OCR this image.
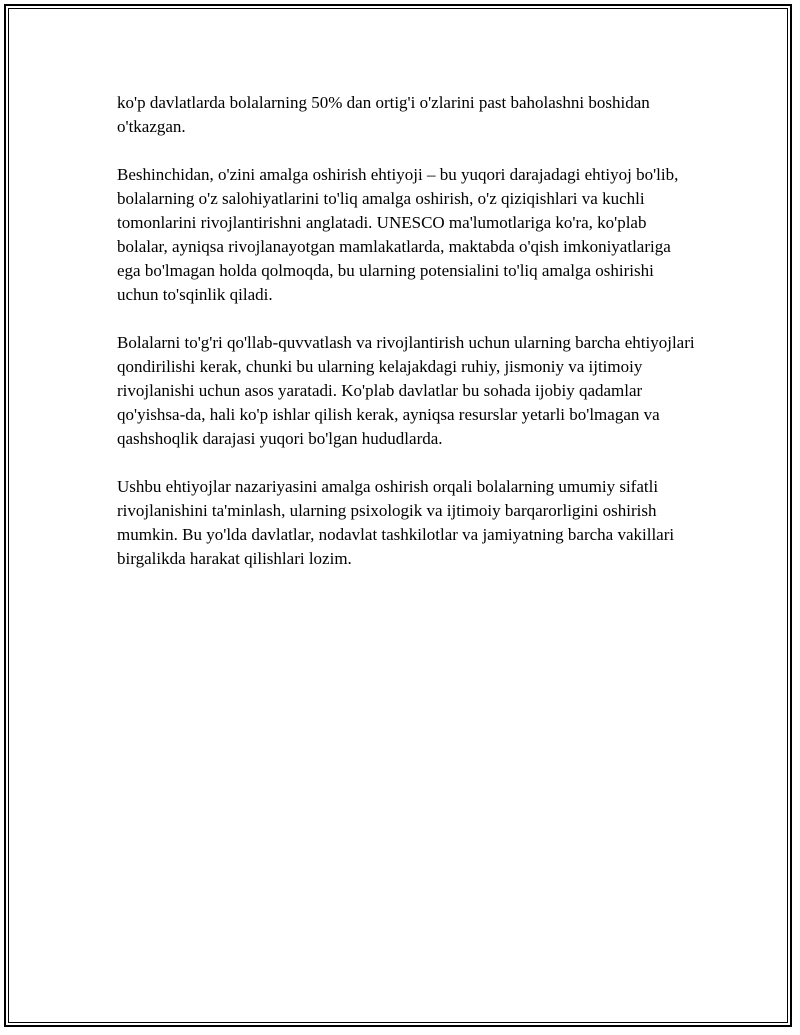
ko'p davlatlarda bolalarning 50% dan ortig'i o'zlarini past baholashni boshidan o'tkazgan.

Beshinchidan, o'zini amalga oshirish ehtiyoji – bu yuqori darajadagi ehtiyoj bo'lib, bolalarning o'z salohiyatlarini to'liq amalga oshirish, o'z qiziqishlari va kuchli tomonlarini rivojlantirishni anglatadi. UNESCO ma'lumotlariga ko'ra, ko'plab bolalar, ayniqsa rivojlanayotgan mamlakatlarda, maktabda o'qish imkoniyatlariga ega bo'lmagan holda qolmoqda, bu ularning potensialini to'liq amalga oshirishi uchun to'sqinlik qiladi.

Bolalarni to'g'ri qo'llab-quvvatlash va rivojlantirish uchun ularning barcha ehtiyojlari qondirilishi kerak, chunki bu ularning kelajakdagi ruhiy, jismoniy va ijtimoiy rivojlanishi uchun asos yaratadi. Ko'plab davlatlar bu sohada ijobiy qadamlar qo'yishsa-da, hali ko'p ishlar qilish kerak, ayniqsa resurslar yetarli bo'lmagan va qashshoqlik darajasi yuqori bo'lgan hududlarda.

Ushbu ehtiyojlar nazariyasini amalga oshirish orqali bolalarning umumiy sifatli rivojlanishini ta'minlash, ularning psixologik va ijtimoiy barqarorligini oshirish mumkin. Bu yo'lda davlatlar, nodavlat tashkilotlar va jamiyatning barcha vakillari birgalikda harakat qilishlari lozim.
